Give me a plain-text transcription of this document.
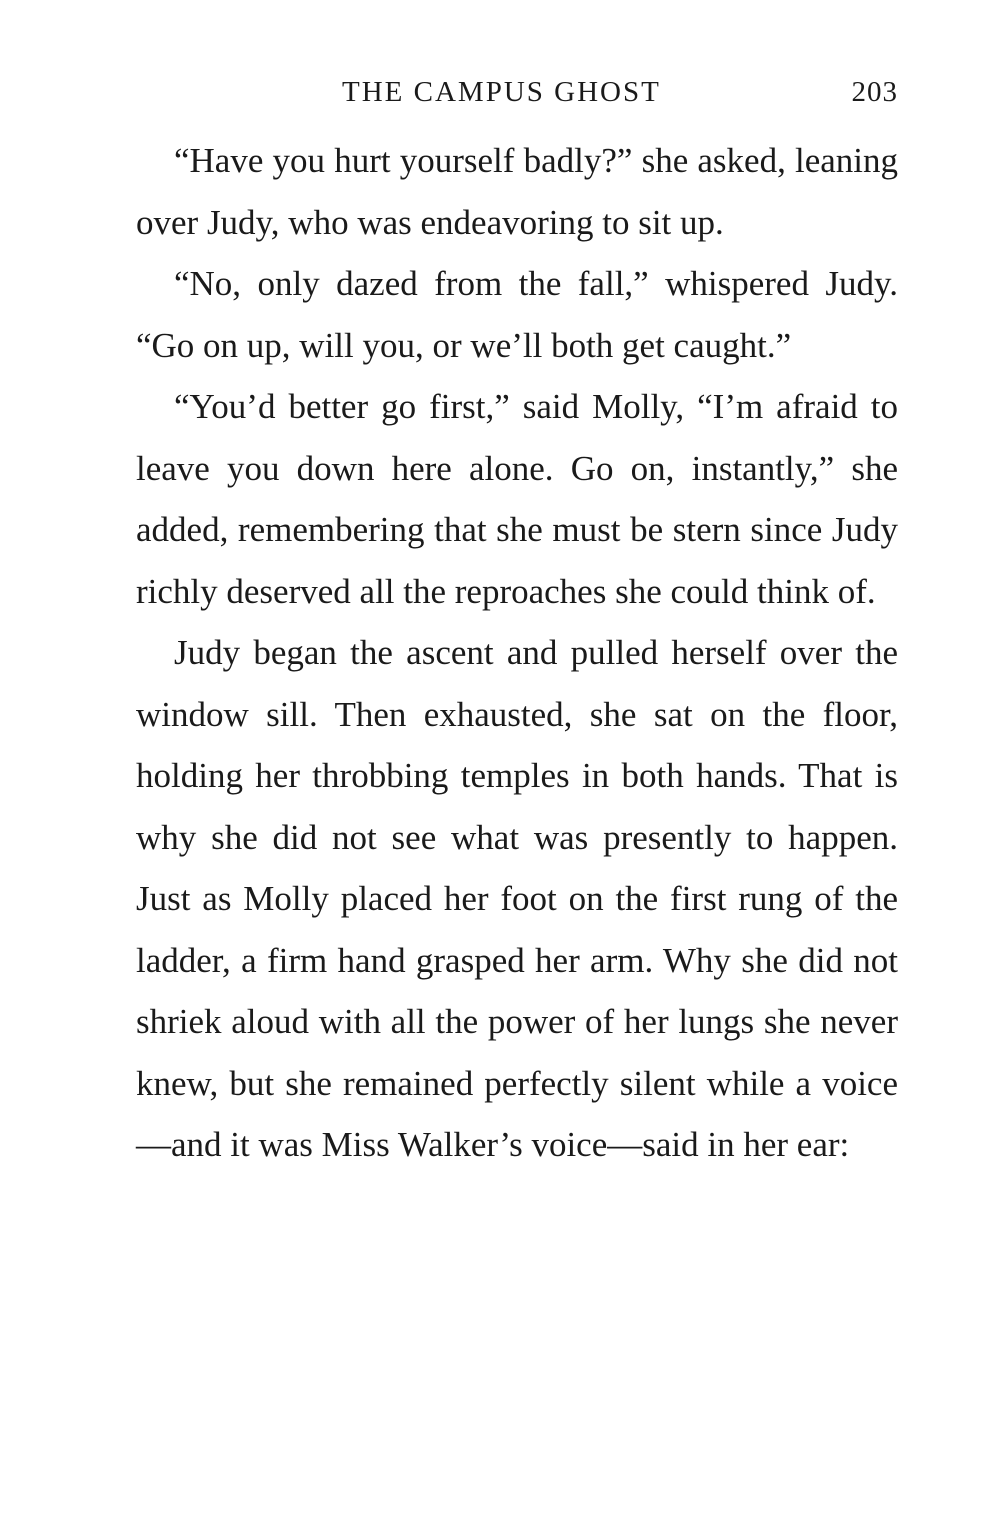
THE CAMPUS GHOST	203

“Have you hurt yourself badly?” she asked, leaning over Judy, who was endeavoring to sit up.

“No, only dazed from the fall,” whispered Judy. “Go on up, will you, or we’ll both get caught.”

“You’d better go first,” said Molly, “I’m afraid to leave you down here alone. Go on, instantly,” she added, remembering that she must be stern since Judy richly deserved all the reproaches she could think of.

Judy began the ascent and pulled herself over the window sill. Then exhausted, she sat on the floor, holding her throbbing temples in both hands. That is why she did not see what was presently to happen. Just as Molly placed her foot on the first rung of the ladder, a firm hand grasped her arm. Why she did not shriek aloud with all the power of her lungs she never knew, but she remained perfectly silent while a voice—and it was Miss Walker’s voice—said in her ear:
